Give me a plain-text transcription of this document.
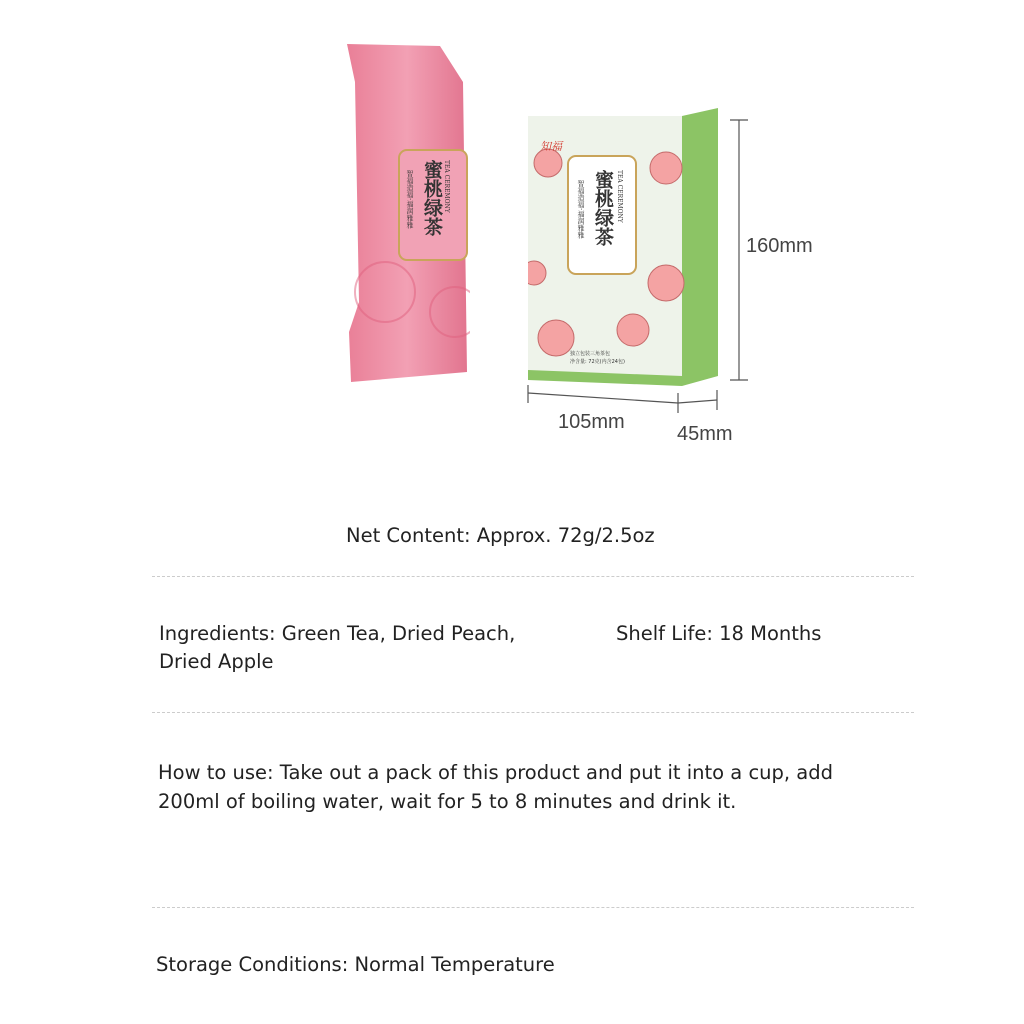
蜜桃绿茶 TEA CEREMONY
智福造福·福润雅雅
知福
蜜桃绿茶 TEA CEREMONY
智福造福·福润雅雅
独立包装三角茶包
净含量: 72克(内含24包)
160mm
105mm
45mm
Net Content: Approx. 72g/2.5oz
Ingredients: Green Tea, Dried Peach,
Dried Apple
Shelf Life: 18 Months
How to use: Take out a pack of this product and put it into a cup, add
200ml of boiling water, wait for 5 to 8 minutes and drink it.
Storage Conditions: Normal Temperature
